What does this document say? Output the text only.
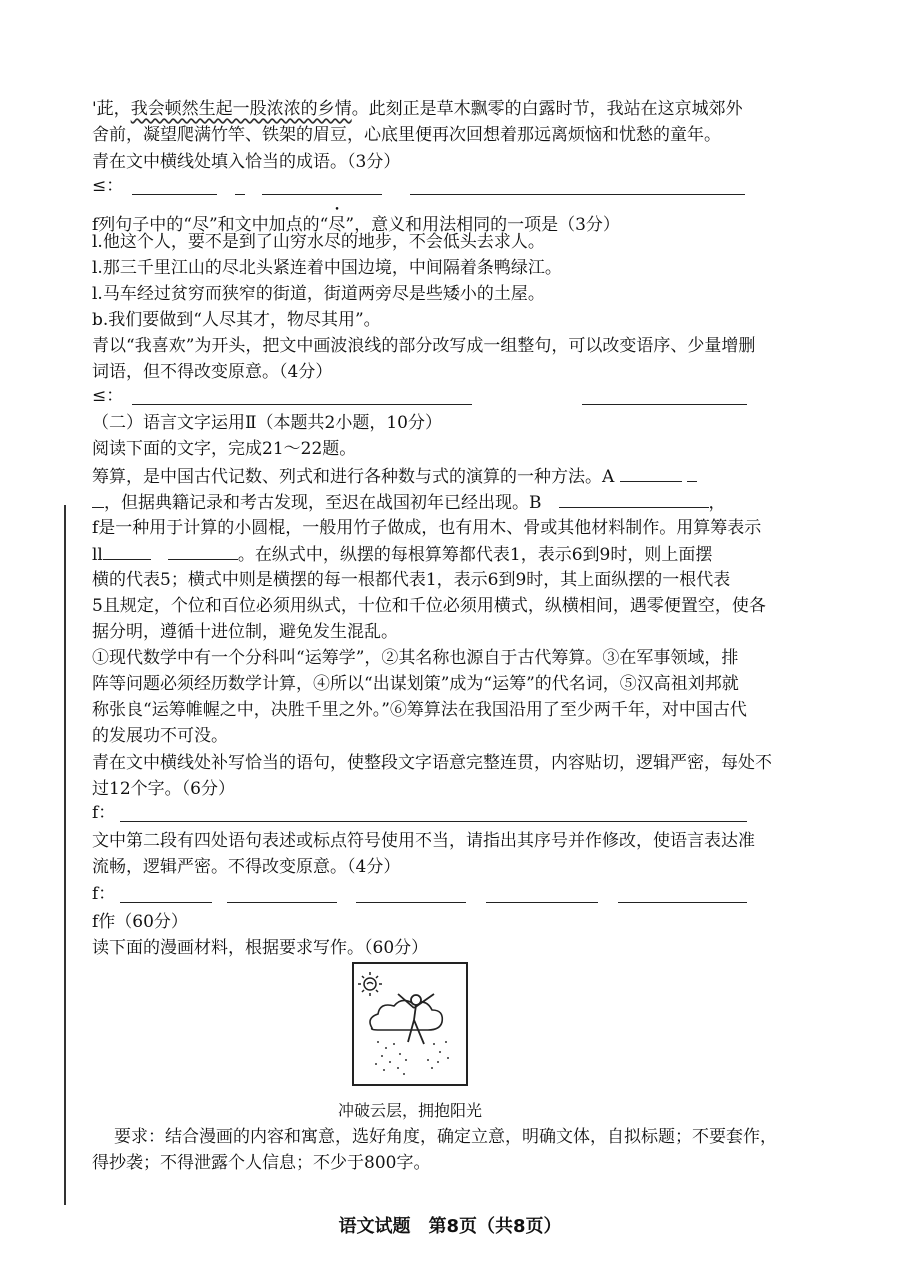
'茈，我会顿然生起一股浓浓的乡情。此刻正是草木飘零的白露时节，我站在这京城郊外
舍前，凝望爬满竹竿、铁架的眉豆，心底里便再次回想着那远离烦恼和忧愁的童年。
青在文中横线处填入恰当的成语。（3分）
≤：
f列句子中的“尽”和文中加点的“尽”，意义和用法相同的一项是（3分）
l.他这个人，要不是到了山穷水尽的地步，不会低头去求人。
l.那三千里江山的尽北头紧连着中国边境，中间隔着条鸭绿江。
l.马车经过贫穷而狭窄的街道，街道两旁尽是些矮小的土屋。
b.我们要做到“人尽其才，物尽其用”。
青以“我喜欢”为开头，把文中画波浪线的部分改写成一组整句，可以改变语序、少量增删
词语，但不得改变原意。（4分）
≤：
（二）语言文字运用Ⅱ（本题共2小题，10分）
阅读下面的文字，完成21～22题。
筹算，是中国古代记数、列式和进行各种数与式的演算的一种方法。A
，但据典籍记录和考古发现，至迟在战国初年已经出现。B　	，
f是一种用于计算的小圆棍，一般用竹子做成，也有用木、骨或其他材料制作。用算筹表示
ll　	。在纵式中，纵摆的每根算筹都代表1，表示6到9时，则上面摆
横的代表5；横式中则是横摆的每一根都代表1，表示6到9时，其上面纵摆的一根代表
5且规定，个位和百位必须用纵式，十位和千位必须用横式，纵横相间，遇零便置空，使各
据分明，遵循十进位制，避免发生混乱。
①现代数学中有一个分科叫“运筹学”，②其名称也源自于古代筹算。③在军事领域，排
阵等问题必须经历数学计算，④所以“出谋划策”成为“运筹”的代名词，⑤汉高祖刘邦就
称张良“运筹帷幄之中，决胜千里之外。”⑥筹算法在我国沿用了至少两千年，对中国古代
的发展功不可没。
青在文中横线处补写恰当的语句，使整段文字语意完整连贯，内容贴切，逻辑严密，每处不
过12个字。（6分）
f：
文中第二段有四处语句表述或标点符号使用不当，请指出其序号并作修改，使语言表达准
流畅，逻辑严密。不得改变原意。（4分）
f：
f作（60分）
读下面的漫画材料，根据要求写作。（60分）
冲破云层，拥抱阳光
要求：结合漫画的内容和寓意，选好角度，确定立意，明确文体，自拟标题；不要套作，
得抄袭；不得泄露个人信息；不少于800字。
语文试题　第8页（共8页）
